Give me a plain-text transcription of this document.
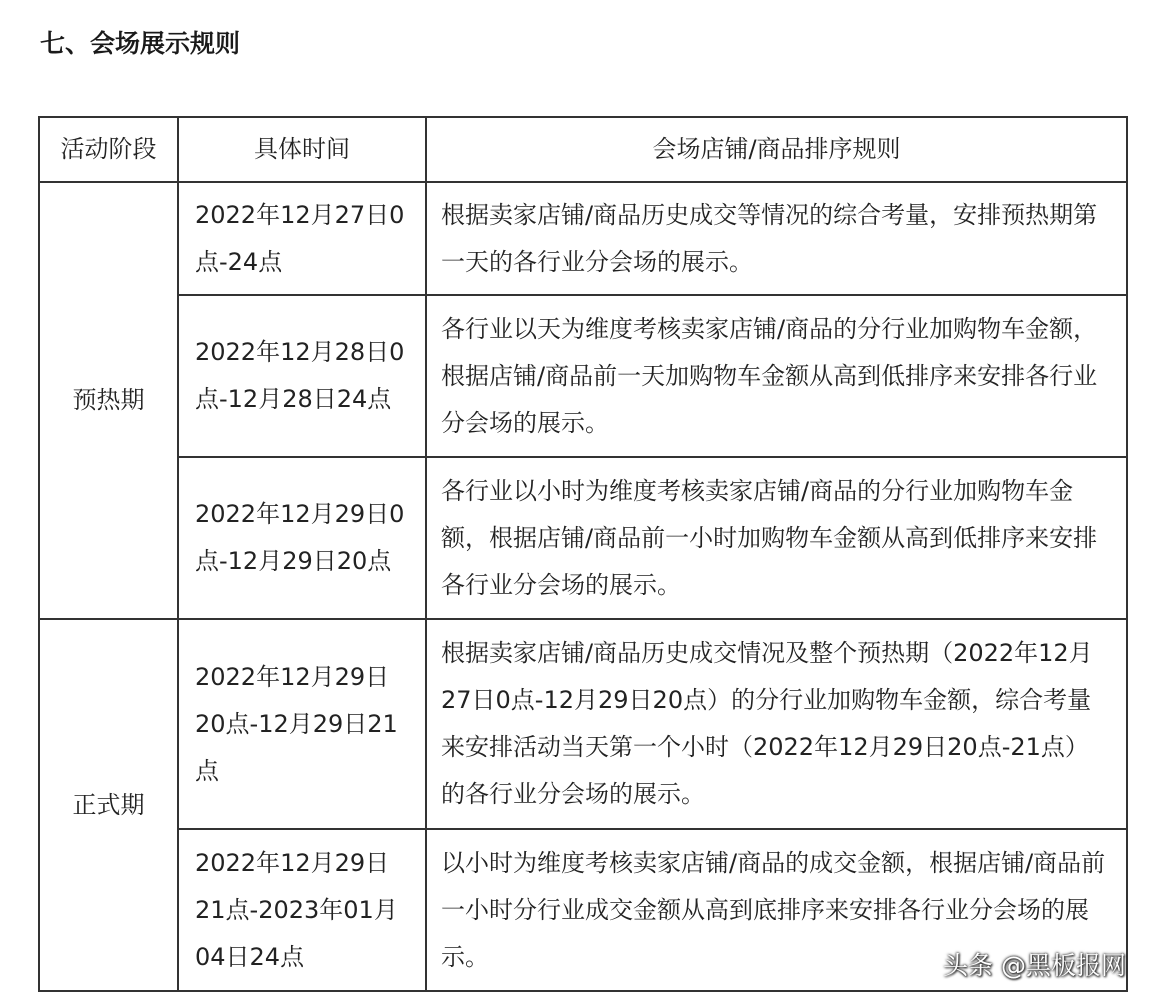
七、会场展示规则
活动阶段	具体时间	会场店铺/商品排序规则
预热期	2022年12月27日0点-24点	根据卖家店铺/商品历史成交等情况的综合考量，安排预热期第一天的各行业分会场的展示。
	2022年12月28日0点-12月28日24点	各行业以天为维度考核卖家店铺/商品的分行业加购物车金额，根据店铺/商品前一天加购物车金额从高到低排序来安排各行业分会场的展示。
	2022年12月29日0点-12月29日20点	各行业以小时为维度考核卖家店铺/商品的分行业加购物车金额，根据店铺/商品前一小时加购物车金额从高到低排序来安排各行业分会场的展示。
正式期	2022年12月29日20点-12月29日21点	根据卖家店铺/商品历史成交情况及整个预热期（2022年12月27日0点-12月29日20点）的分行业加购物车金额，综合考量来安排活动当天第一个小时（2022年12月29日20点-21点）的各行业分会场的展示。
	2022年12月29日21点-2023年01月04日24点	以小时为维度考核卖家店铺/商品的成交金额，根据店铺/商品前一小时分行业成交金额从高到底排序来安排各行业分会场的展示。	头条 @黑板报网
